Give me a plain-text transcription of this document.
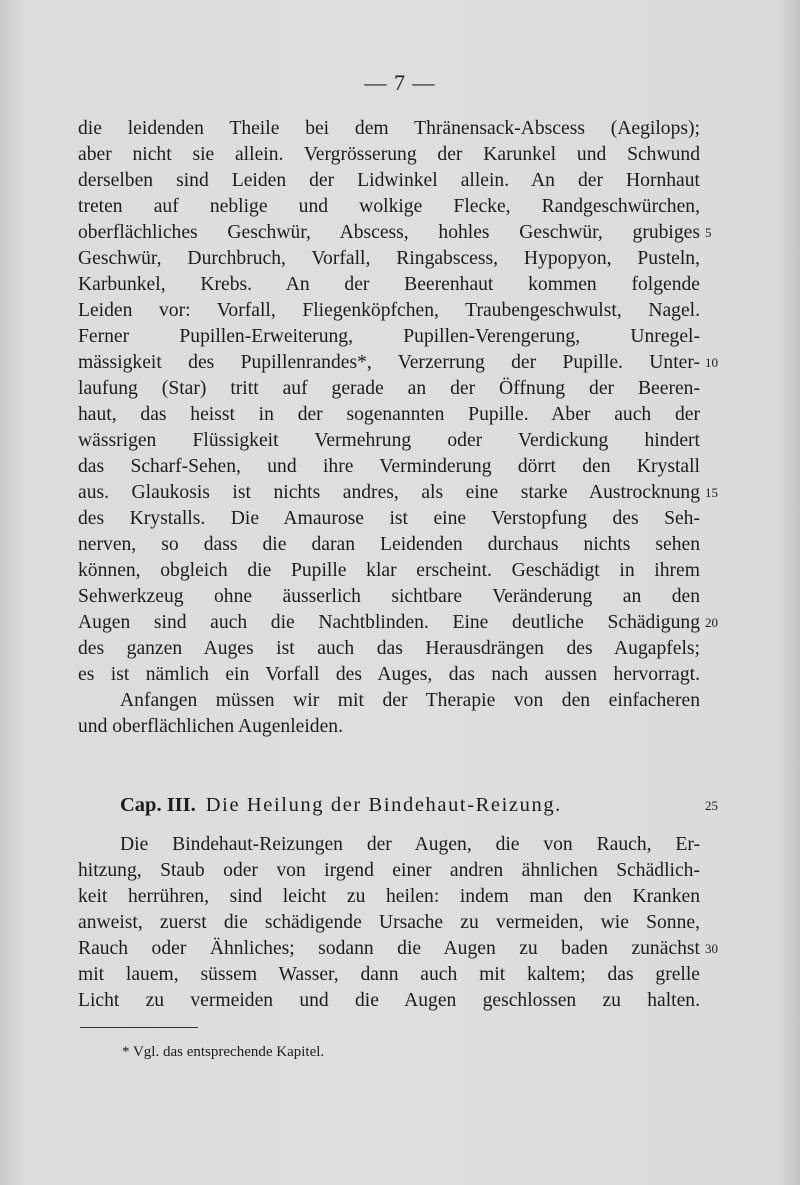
— 7 —
die leidenden Theile bei dem Thränensack-Abscess (Aegilops);
aber nicht sie allein. Vergrösserung der Karunkel und Schwund
derselben sind Leiden der Lidwinkel allein. An der Hornhaut
treten auf neblige und wolkige Flecke, Randgeschwürchen,
oberflächliches Geschwür, Abscess, hohles Geschwür, grubiges
Geschwür, Durchbruch, Vorfall, Ringabscess, Hypopyon, Pusteln,
Karbunkel, Krebs. An der Beerenhaut kommen folgende
Leiden vor: Vorfall, Fliegenköpfchen, Traubengeschwulst, Nagel.
Ferner Pupillen-Erweiterung, Pupillen-Verengerung, Unregel-
mässigkeit des Pupillenrandes*, Verzerrung der Pupille. Unter-
laufung (Star) tritt auf gerade an der Öffnung der Beeren-
haut, das heisst in der sogenannten Pupille. Aber auch der
wässrigen Flüssigkeit Vermehrung oder Verdickung hindert
das Scharf-Sehen, und ihre Verminderung dörrt den Krystall
aus. Glaukosis ist nichts andres, als eine starke Austrocknung
des Krystalls. Die Amaurose ist eine Verstopfung des Seh-
nerven, so dass die daran Leidenden durchaus nichts sehen
können, obgleich die Pupille klar erscheint. Geschädigt in ihrem
Sehwerkzeug ohne äusserlich sichtbare Veränderung an den
Augen sind auch die Nachtblinden. Eine deutliche Schädigung
des ganzen Auges ist auch das Herausdrängen des Augapfels;
es ist nämlich ein Vorfall des Auges, das nach aussen hervorragt.
Anfangen müssen wir mit der Therapie von den einfacheren
und oberflächlichen Augenleiden.
5
10
15
20
25
30
Cap. III. Die Heilung der Bindehaut-Reizung.
Die Bindehaut-Reizungen der Augen, die von Rauch, Er-
hitzung, Staub oder von irgend einer andren ähnlichen Schädlich-
keit herrühren, sind leicht zu heilen: indem man den Kranken
anweist, zuerst die schädigende Ursache zu vermeiden, wie Sonne,
Rauch oder Ähnliches; sodann die Augen zu baden zunächst
mit lauem, süssem Wasser, dann auch mit kaltem; das grelle
Licht zu vermeiden und die Augen geschlossen zu halten.
* Vgl. das entsprechende Kapitel.
